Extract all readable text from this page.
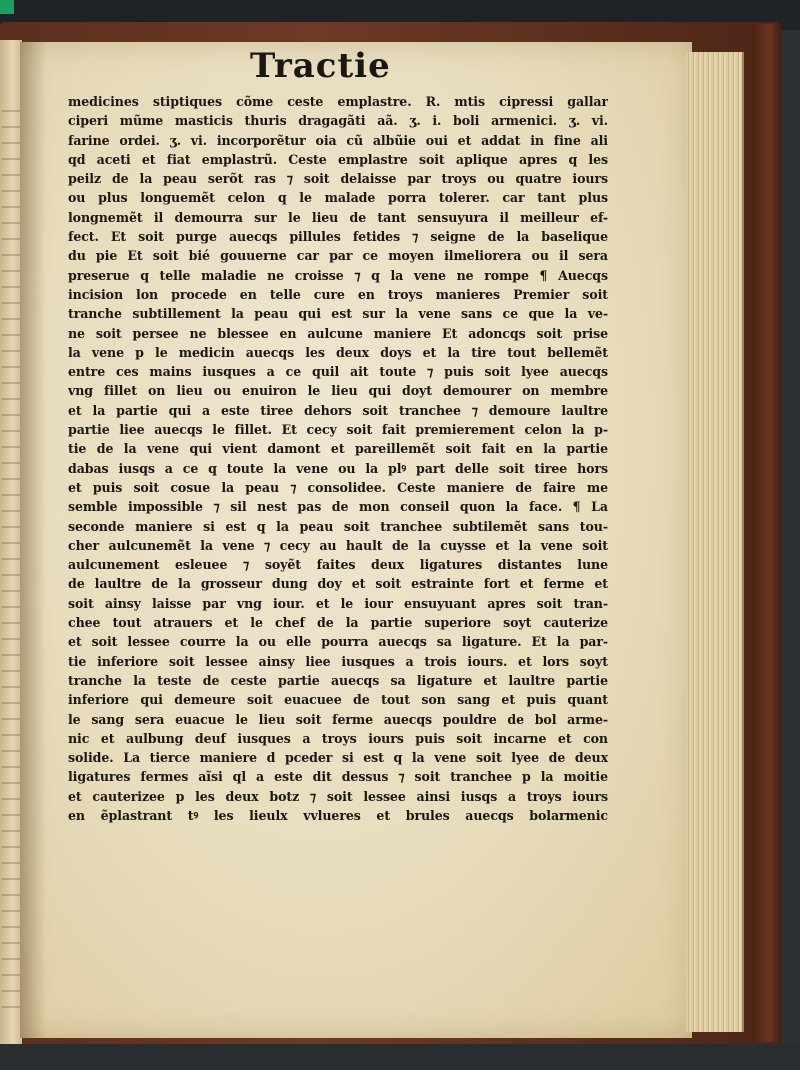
Tractie
medicines stiptiques cõme ceste emplastre. R. mtis cipressi gallar
ciperi mũme masticis thuris dragagãti aã. ʒ. i. boli armenici. ʒ. vi.
farine ordei. ʒ. vi. incorporẽtur oia cũ albũie oui et addat in fine ali
qd aceti et fiat emplastrũ. Ceste emplastre soit aplique apres q les
peilz de la peau serõt ras ⁊ soit delaisse par troys ou quatre iours
ou plus longuemẽt celon q le malade porra tolerer. car tant plus
longnemẽt il demourra sur le lieu de tant sensuyura il meilleur ef-
fect. Et soit purge auecqs pillules fetides ⁊ seigne de la baselique
du pie Et soit bié gouuerne car par ce moyen ilmeliorera ou il sera
preserue q telle maladie ne croisse ⁊ q la vene ne rompe ¶ Auecqs
incision lon procede en telle cure en troys manieres Premier soit
tranche subtillement la peau qui est sur la vene sans ce que la ve-
ne soit persee ne blessee en aulcune maniere Et adoncqs soit prise
la vene p le medicin auecqs les deux doys et la tire tout bellemẽt
entre ces mains iusques a ce quil ait toute ⁊ puis soit lyee auecqs
vng fillet on lieu ou enuiron le lieu qui doyt demourer on membre
et la partie qui a este tiree dehors soit tranchee ⁊ demoure laultre
partie liee auecqs le fillet. Et cecy soit fait premierement celon la p-
tie de la vene qui vient damont et pareillemẽt soit fait en la partie
dabas iusqs a ce q toute la vene ou la plꝰ part delle soit tiree hors
et puis soit cosue la peau ⁊ consolidee. Ceste maniere de faire me
semble impossible ⁊ sil nest pas de mon conseil quon la face. ¶ La
seconde maniere si est q la peau soit tranchee subtilemẽt sans tou-
cher aulcunemẽt la vene ⁊ cecy au hault de la cuysse et la vene soit
aulcunement esleuee ⁊ soyẽt faites deux ligatures distantes lune
de laultre de la grosseur dung doy et soit estrainte fort et ferme et
soit ainsy laisse par vng iour. et le iour ensuyuant apres soit tran-
chee tout atrauers et le chef de la partie superiore soyt cauterize
et soit lessee courre la ou elle pourra auecqs sa ligature. Et la par-
tie inferiore soit lessee ainsy liee iusques a trois iours. et lors soyt
tranche la teste de ceste partie auecqs sa ligature et laultre partie
inferiore qui demeure soit euacuee de tout son sang et puis quant
le sang sera euacue le lieu soit ferme auecqs pouldre de bol arme-
nic et aulbung deuf iusques a troys iours puis soit incarne et con
solide. La tierce maniere d pceder si est q la vene soit lyee de deux
ligatures fermes aĩsi ql a este dit dessus ⁊ soit tranchee p la moitie
et cauterizee p les deux botz ⁊ soit lessee ainsi iusqs a troys iours
en ẽplastrant tꝰ les lieulx vvlueres et brules auecqs bolarmenic
